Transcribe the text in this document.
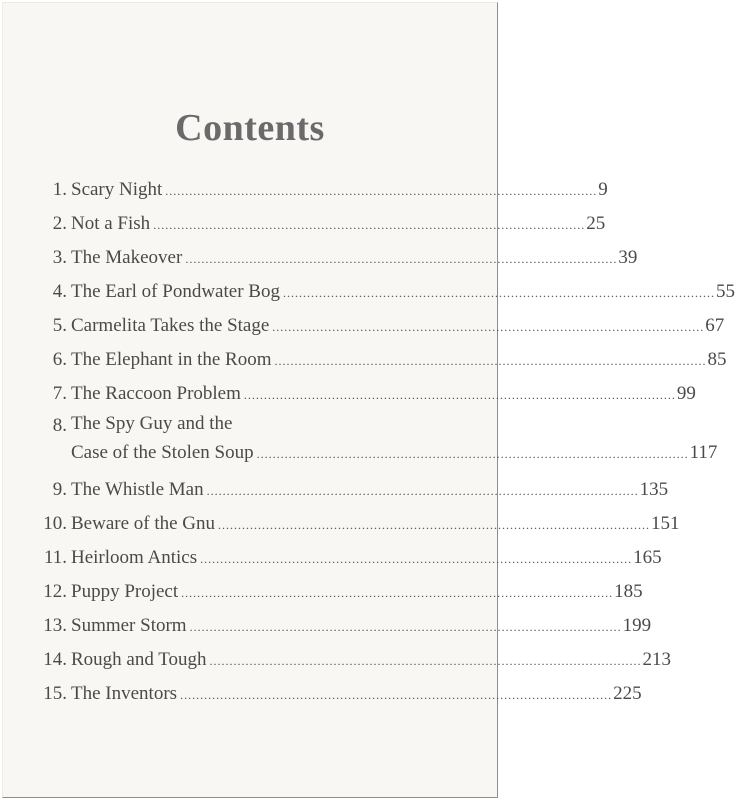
Contents
1. Scary Night . . .	9
2. Not a Fish . . .	25
3. The Makeover . . .	39
4. The Earl of Pondwater Bog . . .	55
5. Carmelita Takes the Stage . . .	67
6. The Elephant in the Room . . .	85
7. The Raccoon Problem . . .	99
8. The Spy Guy and the
Case of the Stolen Soup . . .	117
9. The Whistle Man . . .	135
10. Beware of the Gnu . . .	151
11. Heirloom Antics . . .	165
12. Puppy Project . . .	185
13. Summer Storm . . .	199
14. Rough and Tough . . .	213
15. The Inventors . . .	225
